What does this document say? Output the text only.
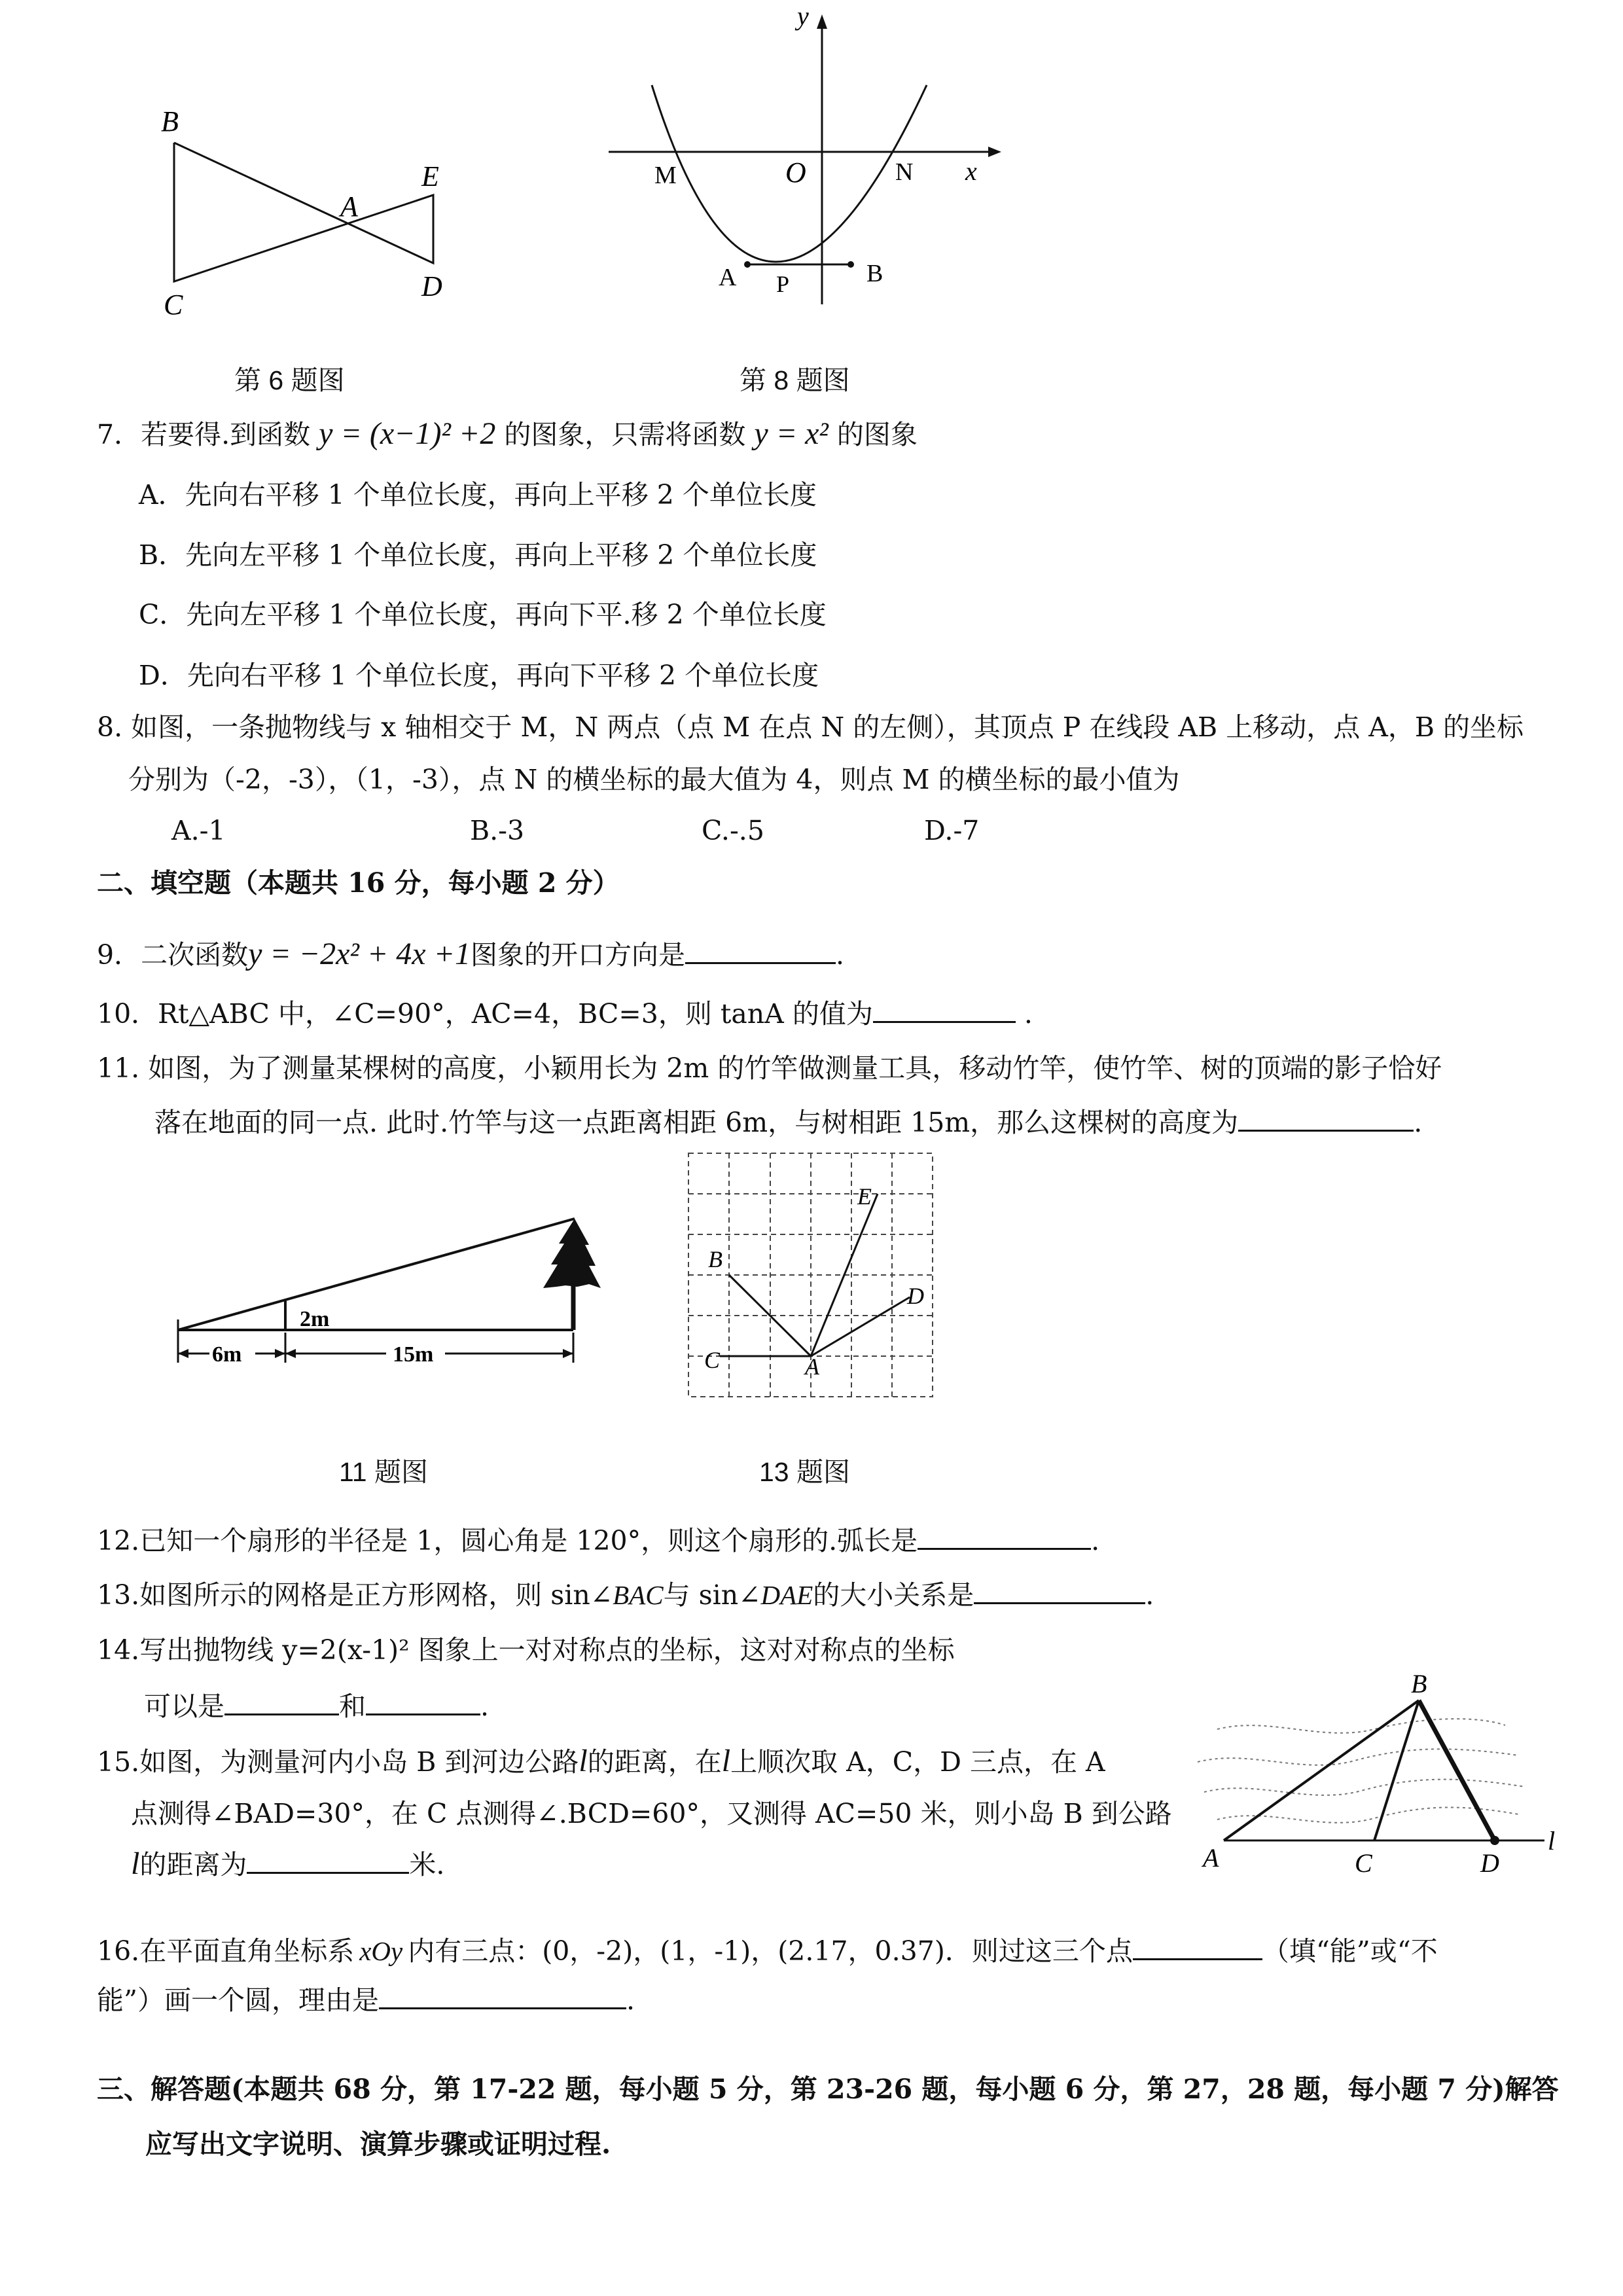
B
A
E
C
D
第 6 题图
y
x
M	O	N
A P	B
第 8 题图
7．若要得.到函数 y = (x−1)² +2 的图象，只需将函数 y = x² 的图象
A．先向右平移 1 个单位长度，再向上平移 2 个单位长度
B．先向左平移 1 个单位长度，再向上平移 2 个单位长度
C．先向左平移 1 个单位长度，再向下平.移 2 个单位长度
D．先向右平移 1 个单位长度，再向下平移 2 个单位长度
8. 如图，一条抛物线与 x 轴相交于 M，N 两点（点 M 在点 N 的左侧），其顶点 P 在线段 AB 上移动，点 A，B 的坐标
分别为（-2，-3），（1，-3），点 N 的横坐标的最大值为 4，则点 M 的横坐标的最小值为
A.-1	B.-3	C.-.5	D.-7
二、填空题（本题共 16 分，每小题 2 分）
9．二次函数y = −2x² + 4x +1图象的开口方向是	.
10．Rt△ABC 中，∠C=90°，AC=4，BC=3，则 tanA 的值为	.
11. 如图，为了测量某棵树的高度，小颖用长为 2m 的竹竿做测量工具，移动竹竿，使竹竿、树的顶端的影子恰好
落在地面的同一点. 此时.竹竿与这一点距离相距 6m，与树相距 15m，那么这棵树的高度为	.
2m
6m	15m
11 题图
B
E
D
C	A
13 题图
12.已知一个扇形的半径是 1，圆心角是 120°，则这个扇形的.弧长是	.
13.如图所示的网格是正方形网格，则 sin∠BAC与 sin∠DAE的大小关系是	.
14.写出抛物线 y=2(x-1)² 图象上一对对称点的坐标，这对对称点的坐标
可以是	和	.
15.如图，为测量河内小岛 B 到河边公路l的距离，在l上顺次取 A，C，D 三点，在 A
点测得∠BAD=30°，在 C 点测得∠.BCD=60°，又测得 AC=50 米，则小岛 B 到公路
l的距离为	米.
B
A	C	D
l
16.在平面直角坐标系 xOy 内有三点：(0，-2)，(1，-1)，(2.17，0.37)．则过这三个点	（填“能”或“不
能”）画一个圆，理由是	.
三、解答题(本题共 68 分，第 17-22 题，每小题 5 分，第 23-26 题，每小题 6 分，第 27，28 题，每小题 7 分)解答
应写出文字说明、演算步骤或证明过程.
